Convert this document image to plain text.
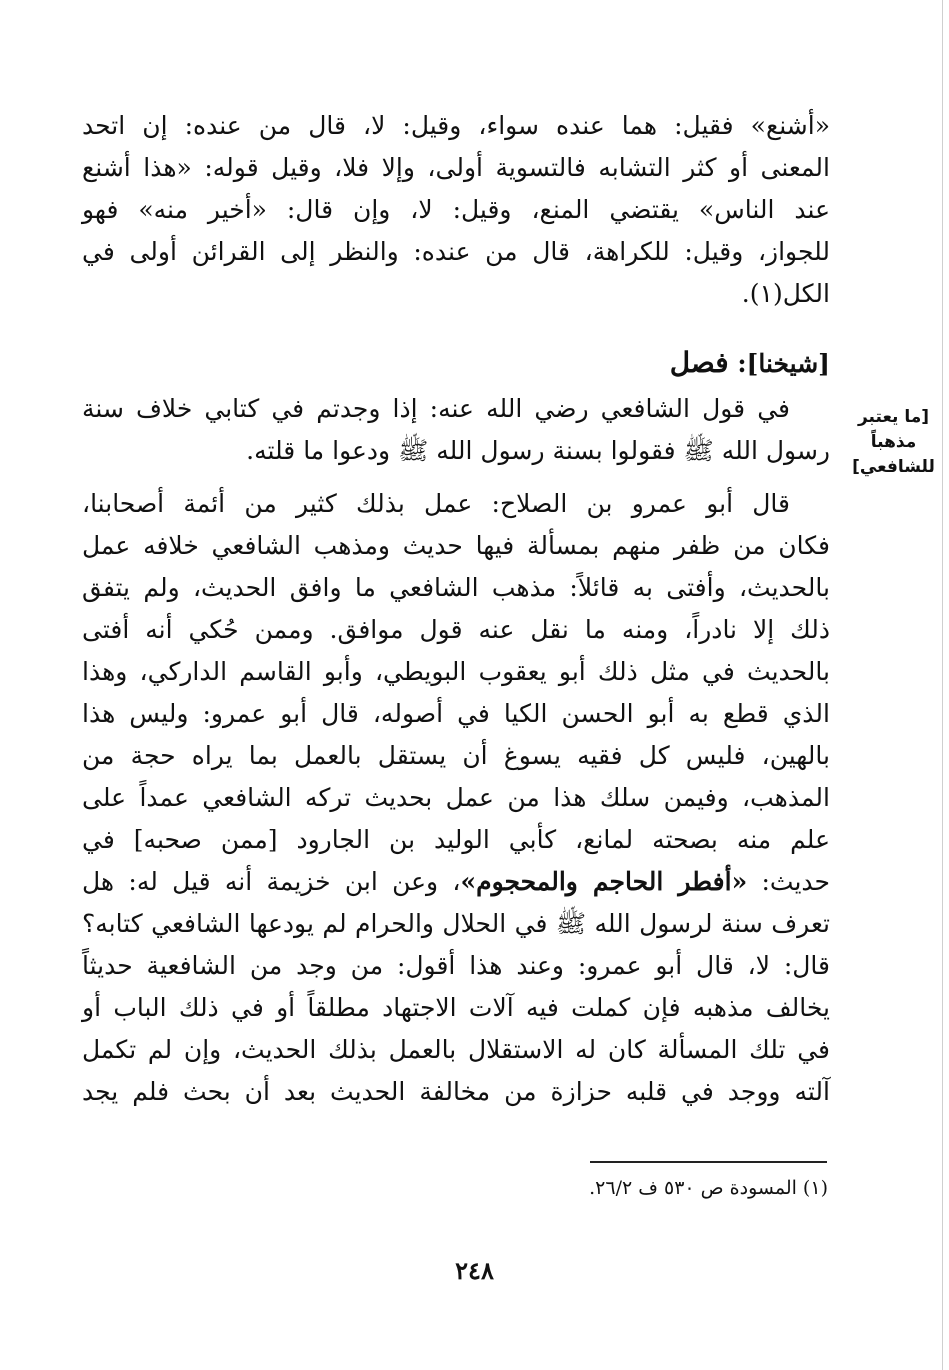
«أشنع» فقيل: هما عنده سواء، وقيل: لا، قال من عنده: إن اتحد
المعنى أو كثر التشابه فالتسوية أولى، وإلا فلا، وقيل قوله: «هذا أشنع
عند الناس» يقتضي المنع، وقيل: لا، وإن قال: «أخير منه» فهو
للجواز، وقيل: للكراهة، قال من عنده: والنظر إلى القرائن أولى في
الكل(١).
[شيخنا]: فصل
[ما يعتبر
مذهباً
للشافعي]
في قول الشافعي رضي الله عنه: إذا وجدتم في كتابي خلاف سنة
رسول الله ﷺ فقولوا بسنة رسول الله ﷺ ودعوا ما قلته.
قال أبو عمرو بن الصلاح: عمل بذلك كثير من أئمة أصحابنا،
فكان من ظفر منهم بمسألة فيها حديث ومذهب الشافعي خلافه عمل
بالحديث، وأفتى به قائلاً: مذهب الشافعي ما وافق الحديث، ولم يتفق
ذلك إلا نادراً، ومنه ما نقل عنه قول موافق. وممن حُكي أنه أفتى
بالحديث في مثل ذلك أبو يعقوب البويطي، وأبو القاسم الداركي، وهذا
الذي قطع به أبو الحسن الكيا في أصوله، قال أبو عمرو: وليس هذا
بالهين، فليس كل فقيه يسوغ أن يستقل بالعمل بما يراه حجة من
المذهب، وفيمن سلك هذا من عمل بحديث تركه الشافعي عمداً على
علم منه بصحته لمانع، كأبي الوليد بن الجارود [ممن صحبه] في
حديث: «أفطر الحاجم والمحجوم»، وعن ابن خزيمة أنه قيل له: هل
تعرف سنة لرسول الله ﷺ في الحلال والحرام لم يودعها الشافعي كتابه؟
قال: لا، قال أبو عمرو: وعند هذا أقول: من وجد من الشافعية حديثاً
يخالف مذهبه فإن كملت فيه آلات الاجتهاد مطلقاً أو في ذلك الباب أو
في تلك المسألة كان له الاستقلال بالعمل بذلك الحديث، وإن لم تكمل
آلته ووجد في قلبه حزازة من مخالفة الحديث بعد أن بحث فلم يجد
(١) المسودة ص ٥٣٠ ف ٢٦/٢.
٢٤٨
